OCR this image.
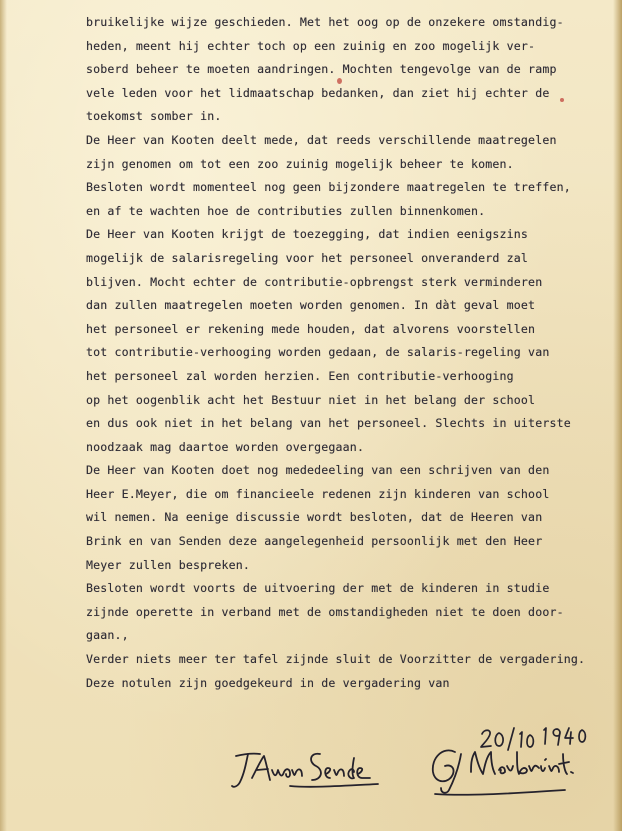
bruikelijke wijze geschieden. Met het oog op de onzekere omstandig-
heden, meent hij echter toch op een zuinig en zoo mogelijk ver-
soberd beheer te moeten aandringen. Mochten tengevolge van de ramp
vele leden voor het lidmaatschap bedanken, dan ziet hij echter de
toekomst somber in.
De Heer van Kooten deelt mede, dat reeds verschillende maatregelen
zijn genomen om tot een zoo zuinig mogelijk beheer te komen.
Besloten wordt momenteel nog geen bijzondere maatregelen te treffen,
en af te wachten hoe de contributies zullen binnenkomen.
De Heer van Kooten krijgt de toezegging, dat indien eenigszins
mogelijk de salarisregeling voor het personeel onveranderd zal
blijven. Mocht echter de contributie-opbrengst sterk verminderen
dan zullen maatregelen moeten worden genomen. In dàt geval moet
het personeel er rekening mede houden, dat alvorens voorstellen
tot contributie-verhooging worden gedaan, de salaris-regeling van
het personeel zal worden herzien. Een contributie-verhooging
op het oogenblik acht het Bestuur niet in het belang der school
en dus ook niet in het belang van het personeel. Slechts in uiterste
noodzaak mag daartoe worden overgegaan.
De Heer van Kooten doet nog mededeeling van een schrijven van den
Heer E.Meyer, die om financieele redenen zijn kinderen van school
wil nemen. Na eenige discussie wordt besloten, dat de Heeren van
Brink en van Senden deze aangelegenheid persoonlijk met den Heer
Meyer zullen bespreken.
Besloten wordt voorts de uitvoering der met de kinderen in studie
zijnde operette in verband met de omstandigheden niet te doen door-
gaan.,
Verder niets meer ter tafel zijnde sluit de Voorzitter de vergadering.
Deze notulen zijn goedgekeurd in de vergadering van
